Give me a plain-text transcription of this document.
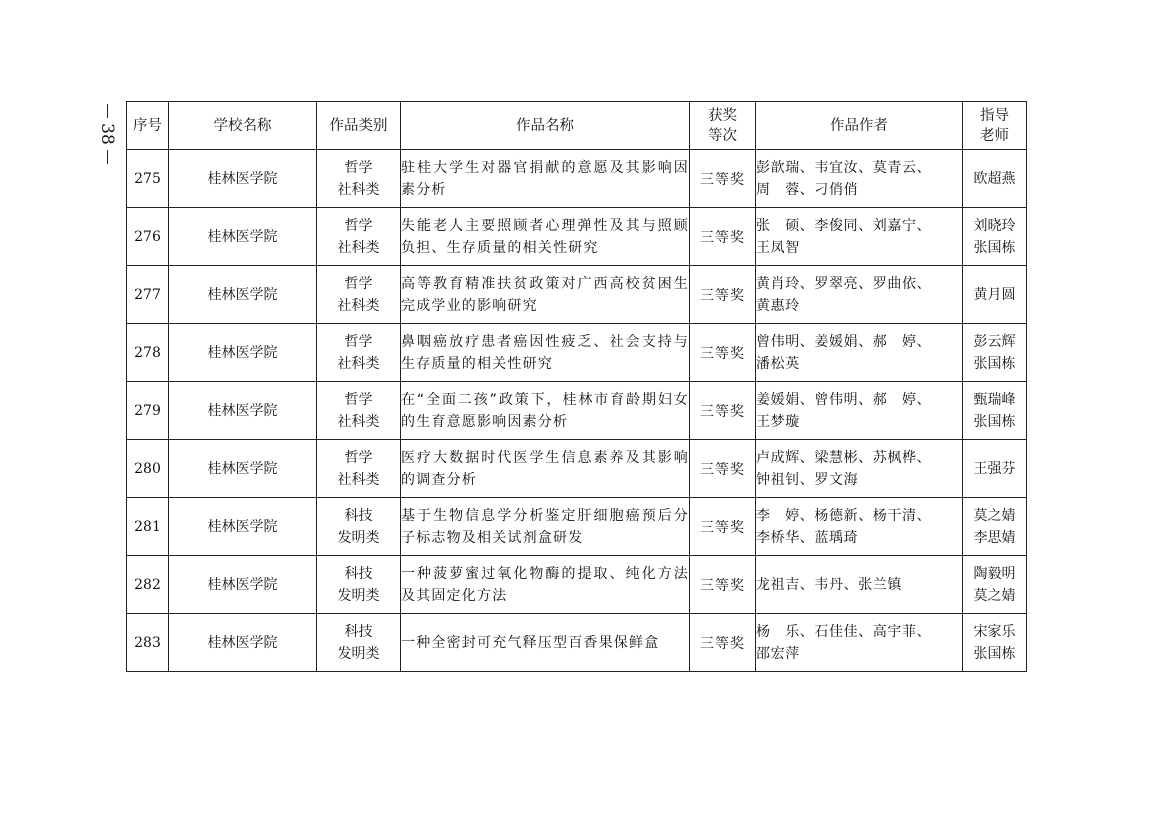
38 序号	学校名称	作品类别	作品名称	获奖
等次	作品作者	指导
老师

275	桂林医学院	哲学
社科类	驻桂大学生对器官捐献的意愿及其影响因素分析	三等奖	彭歆瑞、韦宜汝、莫青云、
周　蓉、刁俏俏	欧超燕

276	桂林医学院	哲学
社科类	失能老人主要照顾者心理弹性及其与照顾负担、生存质量的相关性研究	三等奖	张　硕、李俊同、刘嘉宁、
王凤智	刘晓玲
张国栋

277	桂林医学院	哲学
社科类	高等教育精准扶贫政策对广西高校贫困生完成学业的影响研究	三等奖	黄肖玲、罗翠亮、罗曲依、
黄惠玲	黄月圆

278	桂林医学院	哲学
社科类	鼻咽癌放疗患者癌因性疲乏、社会支持与生存质量的相关性研究	三等奖	曾伟明、姜媛娟、郝　婷、
潘松英	彭云辉
张国栋

279	桂林医学院	哲学
社科类	在“全面二孩”政策下，桂林市育龄期妇女的生育意愿影响因素分析	三等奖	姜媛娟、曾伟明、郝　婷、
王梦璇	甄瑞峰
张国栋

280	桂林医学院	哲学
社科类	医疗大数据时代医学生信息素养及其影响的调查分析	三等奖	卢成辉、梁慧彬、苏枫桦、
钟祖钊、罗文海	王强芬

281	桂林医学院	科技
发明类	基于生物信息学分析鉴定肝细胞癌预后分子标志物及相关试剂盒研发	三等奖	李　婷、杨德新、杨干清、
李桥华、蓝瑀琦	莫之婧
李思婧

282	桂林医学院	科技
发明类	一种菠萝蜜过氧化物酶的提取、纯化方法及其固定化方法	三等奖	龙祖吉、韦丹、张兰镇	陶毅明
莫之婧

283	桂林医学院	科技
发明类	一种全密封可充气释压型百香果保鲜盒	三等奖	杨　乐、石佳佳、高宇菲、
邵宏萍	宋家乐
张国栋
